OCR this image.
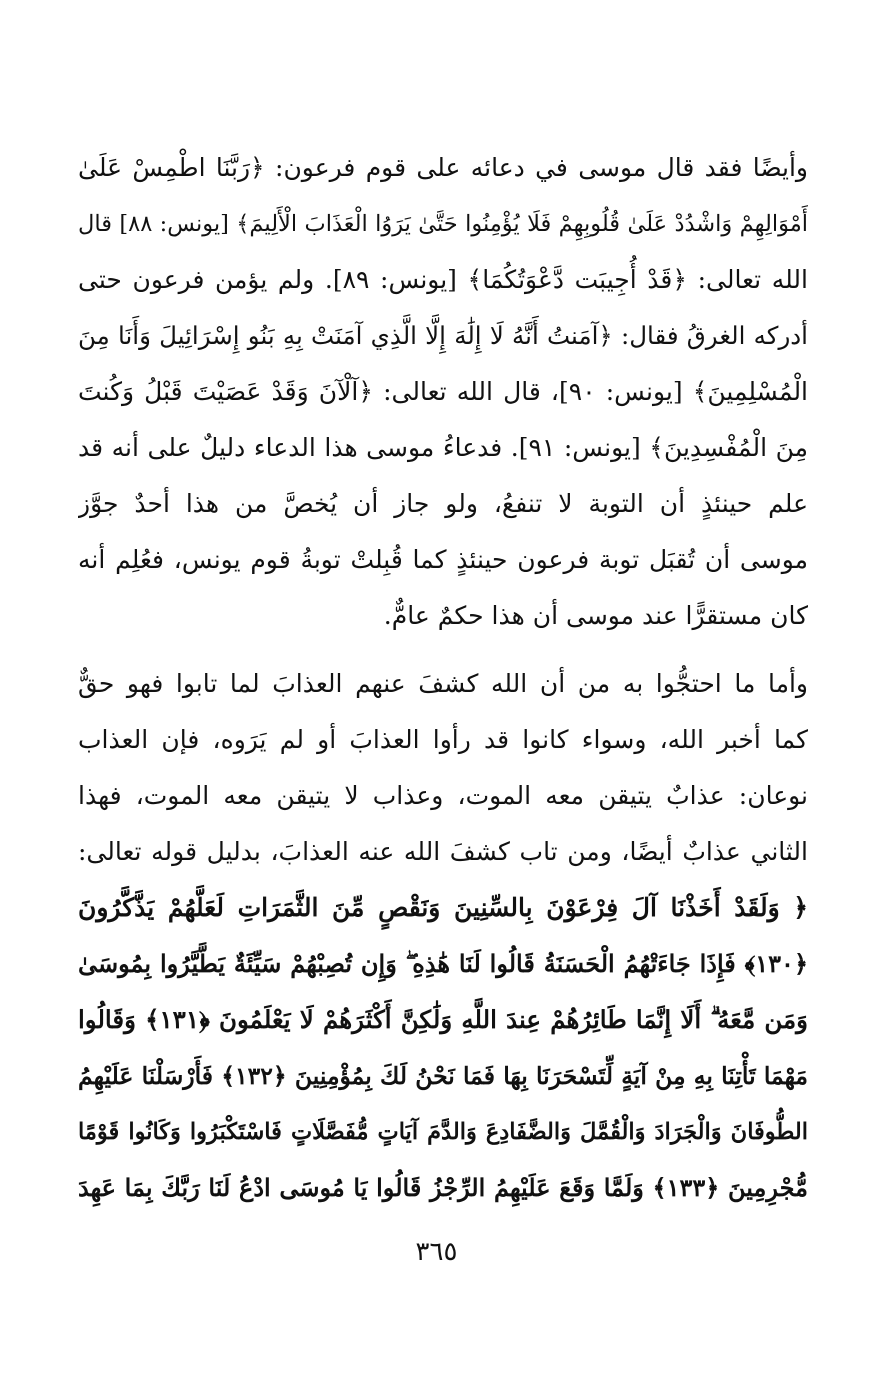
وأيضًا فقد قال موسى في دعائه على قوم فرعون: ﴿رَبَّنَا اطْمِسْ عَلَىٰ
أَمْوَالِهِمْ وَاشْدُدْ عَلَىٰ قُلُوبِهِمْ فَلَا يُؤْمِنُوا حَتَّىٰ يَرَوُا الْعَذَابَ الْأَلِيمَ﴾ [يونس: ٨٨] قال
الله تعالى: ﴿قَدْ أُجِيبَت دَّعْوَتُكُمَا﴾ [يونس: ٨٩]. ولم يؤمن فرعون حتى
أدركه الغرقُ فقال: ﴿آمَنتُ أَنَّهُ لَا إِلَٰهَ إِلَّا الَّذِي آمَنَتْ بِهِ بَنُو إِسْرَائِيلَ وَأَنَا مِنَ
الْمُسْلِمِينَ﴾ [يونس: ٩٠]، قال الله تعالى: ﴿آلْآنَ وَقَدْ عَصَيْتَ قَبْلُ وَكُنتَ
مِنَ الْمُفْسِدِينَ﴾ [يونس: ٩١]. فدعاءُ موسى هذا الدعاء دليلٌ على أنه قد
علم حينئذٍ أن التوبة لا تنفعُ، ولو جاز أن يُخصَّ من هذا أحدٌ جوَّز
موسى أن تُقبَل توبة فرعون حينئذٍ كما قُبِلتْ توبةُ قوم يونس، فعُلِم أنه
كان مستقرًّا عند موسى أن هذا حكمٌ عامٌّ.
وأما ما احتجُّوا به من أن الله كشفَ عنهم العذابَ لما تابوا فهو حقٌّ
كما أخبر الله، وسواء كانوا قد رأوا العذابَ أو لم يَرَوه، فإن العذاب
نوعان: عذابٌ يتيقن معه الموت، وعذاب لا يتيقن معه الموت، فهذا
الثاني عذابٌ أيضًا، ومن تاب كشفَ الله عنه العذابَ، بدليل قوله تعالى:
﴿ وَلَقَدْ أَخَذْنَا آلَ فِرْعَوْنَ بِالسِّنِينَ وَنَقْصٍ مِّنَ الثَّمَرَاتِ لَعَلَّهُمْ يَذَّكَّرُونَ
﴿١٣٠﴾ فَإِذَا جَاءَتْهُمُ الْحَسَنَةُ قَالُوا لَنَا هَٰذِهِ ۖ وَإِن تُصِبْهُمْ سَيِّئَةٌ يَطَّيَّرُوا بِمُوسَىٰ
وَمَن مَّعَهُ ۗ أَلَا إِنَّمَا طَائِرُهُمْ عِندَ اللَّهِ وَلَٰكِنَّ أَكْثَرَهُمْ لَا يَعْلَمُونَ ﴿١٣١﴾ وَقَالُوا
مَهْمَا تَأْتِنَا بِهِ مِنْ آيَةٍ لِّتَسْحَرَنَا بِهَا فَمَا نَحْنُ لَكَ بِمُؤْمِنِينَ ﴿١٣٢﴾ فَأَرْسَلْنَا عَلَيْهِمُ
الطُّوفَانَ وَالْجَرَادَ وَالْقُمَّلَ وَالضَّفَادِعَ وَالدَّمَ آيَاتٍ مُّفَصَّلَاتٍ فَاسْتَكْبَرُوا وَكَانُوا قَوْمًا
مُّجْرِمِينَ ﴿١٣٣﴾ وَلَمَّا وَقَعَ عَلَيْهِمُ الرِّجْزُ قَالُوا يَا مُوسَى ادْعُ لَنَا رَبَّكَ بِمَا عَهِدَ
٣٦٥
